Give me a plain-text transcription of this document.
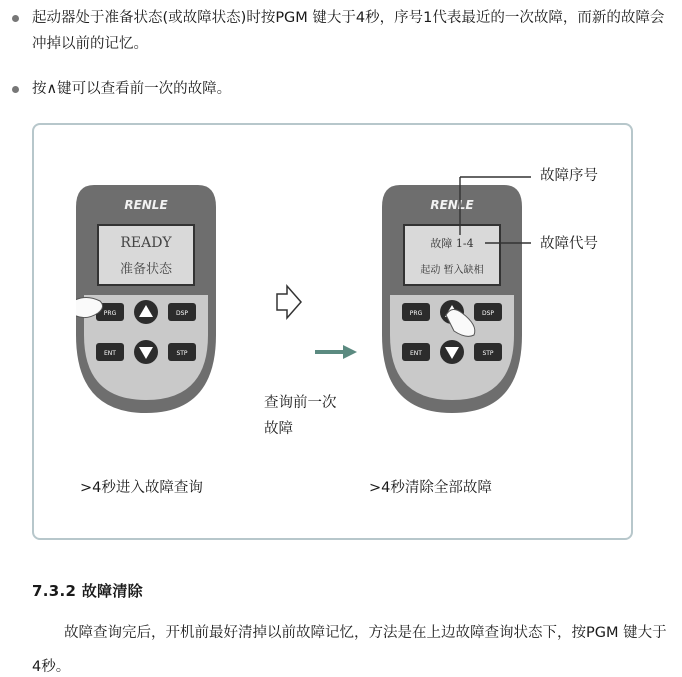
起动器处于准备状态(或故障状态)时按PGM 键大于4秒，序号1代表最近的一次故障，而新的故障会冲掉以前的记忆。
按∧键可以查看前一次的故障。
RENLE
READY
准备状态
PRG	DSP
ENT	STP
RENLE
故障 1-4
起动 暂入缺相
PRG	DSP
ENT	STP
故障序号
故障代号
查询前一次故障
>4秒进入故障查询	>4秒清除全部故障
7.3.2 故障清除
故障查询完后，开机前最好清掉以前故障记忆，方法是在上边故障查询状态下，按PGM 键大于4秒。
